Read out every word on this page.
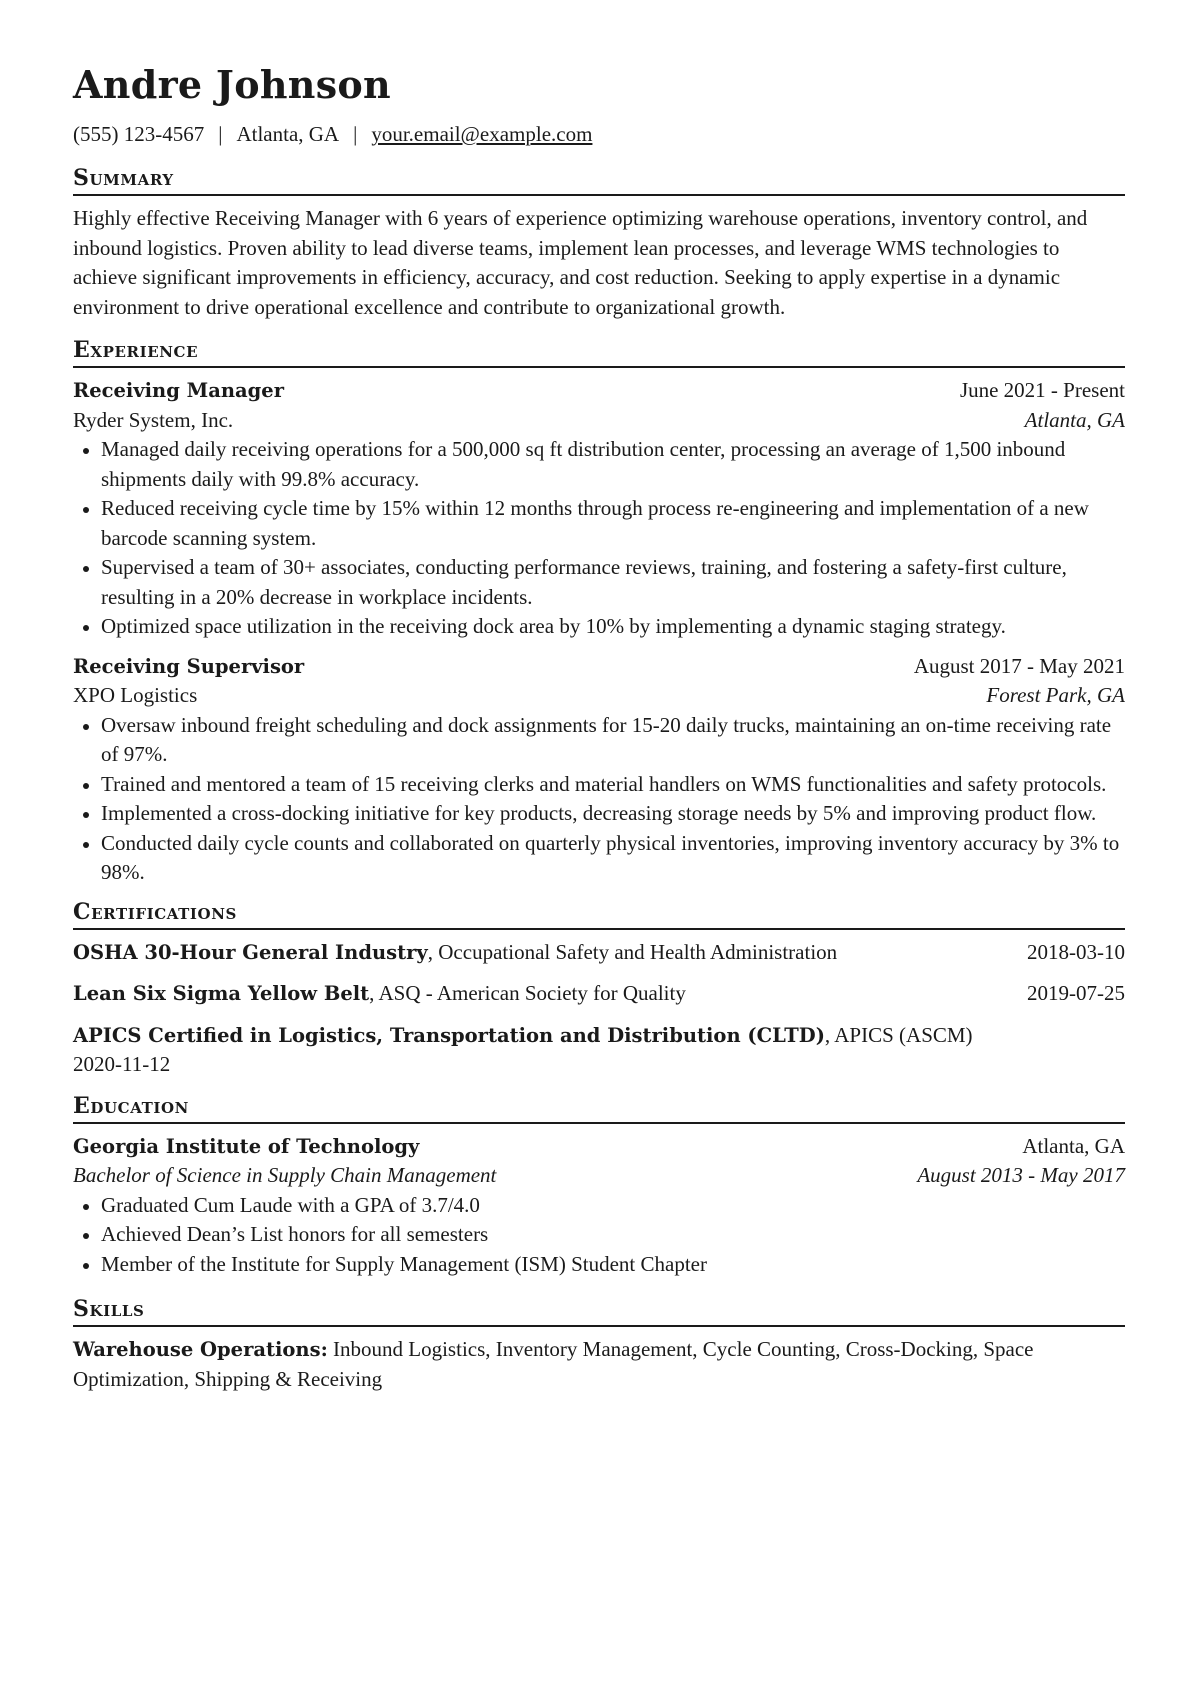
Andre Johnson
(555) 123-4567 | Atlanta, GA | your.email@example.com
Summary
Highly effective Receiving Manager with 6 years of experience optimizing warehouse operations, inventory control, and inbound logistics. Proven ability to lead diverse teams, implement lean processes, and leverage WMS technologies to achieve significant improvements in efficiency, accuracy, and cost reduction. Seeking to apply expertise in a dynamic environment to drive operational excellence and contribute to organizational growth.
Experience
Receiving Manager	June 2021 - Present
Ryder System, Inc.	Atlanta, GA
Managed daily receiving operations for a 500,000 sq ft distribution center, processing an average of 1,500 inbound shipments daily with 99.8% accuracy.
Reduced receiving cycle time by 15% within 12 months through process re-engineering and implementation of a new barcode scanning system.
Supervised a team of 30+ associates, conducting performance reviews, training, and fostering a safety-first culture, resulting in a 20% decrease in workplace incidents.
Optimized space utilization in the receiving dock area by 10% by implementing a dynamic staging strategy.
Receiving Supervisor	August 2017 - May 2021
XPO Logistics	Forest Park, GA
Oversaw inbound freight scheduling and dock assignments for 15-20 daily trucks, maintaining an on-time receiving rate of 97%.
Trained and mentored a team of 15 receiving clerks and material handlers on WMS functionalities and safety protocols.
Implemented a cross-docking initiative for key products, decreasing storage needs by 5% and improving product flow.
Conducted daily cycle counts and collaborated on quarterly physical inventories, improving inventory accuracy by 3% to 98%.
Certifications
OSHA 30-Hour General Industry, Occupational Safety and Health Administration	2018-03-10
Lean Six Sigma Yellow Belt, ASQ - American Society for Quality	2019-07-25
APICS Certified in Logistics, Transportation and Distribution (CLTD), APICS (ASCM)
2020-11-12
Education
Georgia Institute of Technology	Atlanta, GA
Bachelor of Science in Supply Chain Management	August 2013 - May 2017
Graduated Cum Laude with a GPA of 3.7/4.0
Achieved Dean’s List honors for all semesters
Member of the Institute for Supply Management (ISM) Student Chapter
Skills
Warehouse Operations: Inbound Logistics, Inventory Management, Cycle Counting, Cross-Docking, Space Optimization, Shipping & Receiving
